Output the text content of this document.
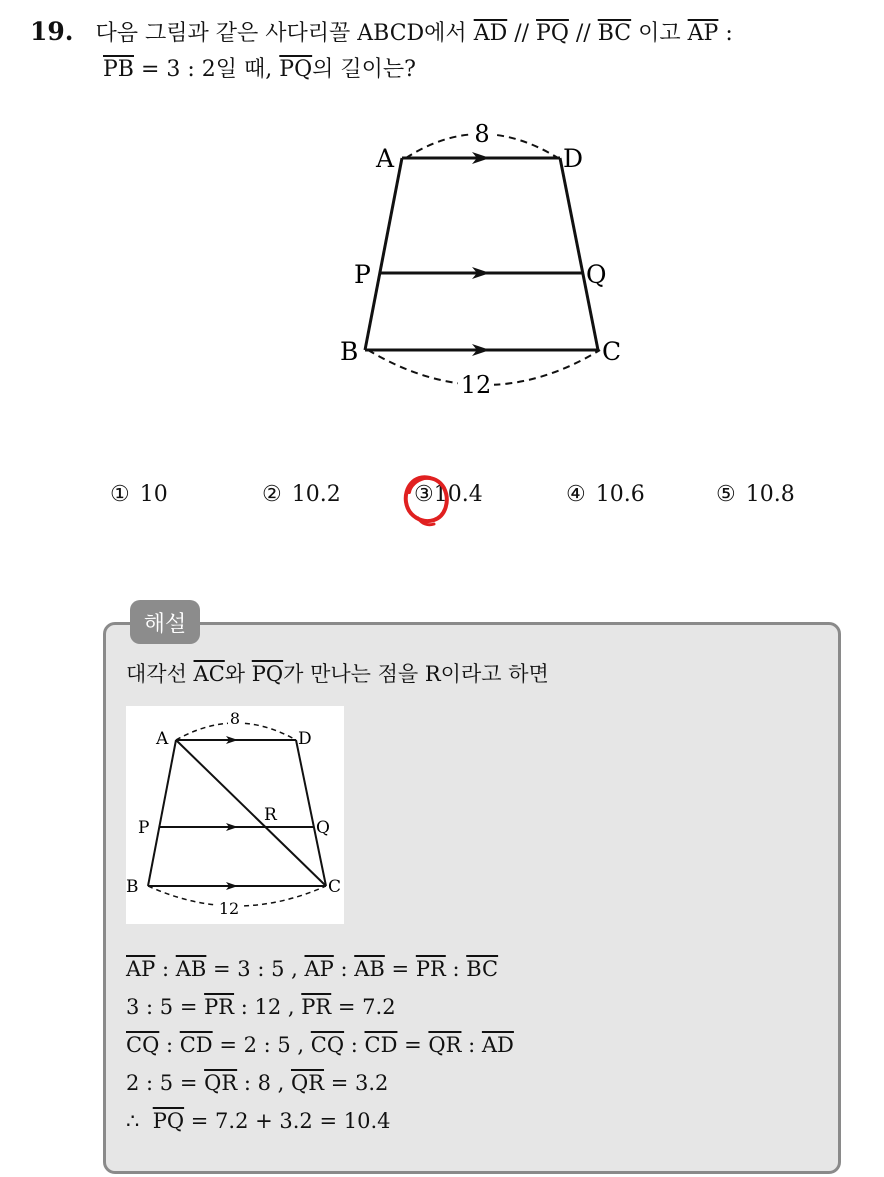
19. 다음 그림과 같은 사다리꼴 ABCD에서 $\overline{AD} // \overline{PQ} // \overline{BC}$ 이고 $\overline{AP}$ :
$\overline{PB} = 3$ : 2일 때, $\overline{PQ}$의 길이는?
8
12
A	D
P	Q
B	C
① 10	② 10.2	③10.4	④ 10.6	⑤ 10.8
해설
대각선 $\overline{AC}$와 $\overline{PQ}$가 만나는 점을 R이라고 하면
8
12
A	D
P	Q
R
B	C
$\overline{AP}$ : $\overline{AB} = 3$ : 5 , $\overline{AP}$ : $\overline{AB} = \overline{PR}$ : $\overline{BC}$
3 : $5 = \overline{PR}$ : 12 , $\overline{PR} = 7.2$
$\overline{CQ}$ : $\overline{CD} = 2$ : 5 , $\overline{CQ}$ : $\overline{CD} = \overline{QR}$ : $\overline{AD}$
2 : $5 = \overline{QR}$ : 8 , $\overline{QR} = 3.2$
∴ $\overline{PQ} = 7.2 + 3.2 = 10.4$
